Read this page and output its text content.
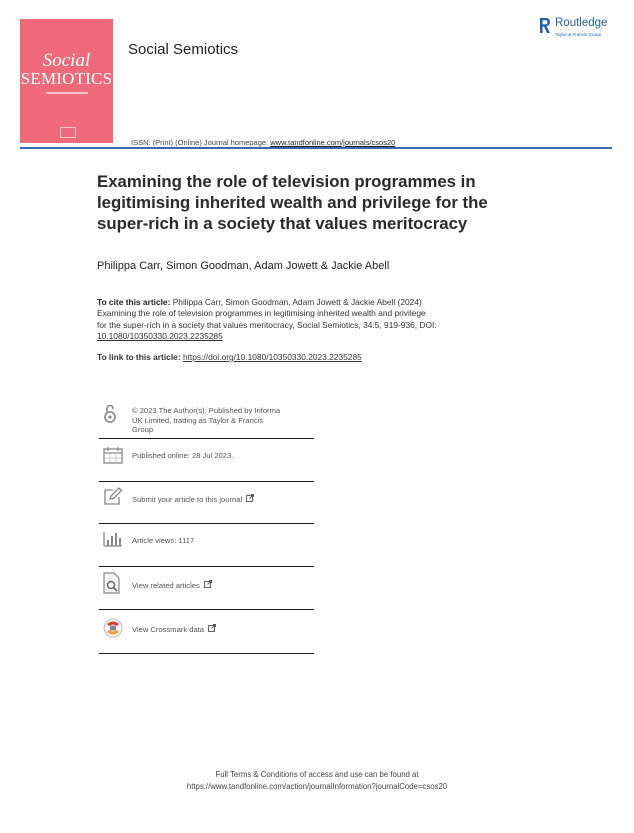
Social
SEMIOTICS
Social Semiotics
Routledge
Taylor & Francis Group
ISSN: (Print) (Online) Journal homepage: www.tandfonline.com/journals/csos20
Examining the role of television programmes in
legitimising inherited wealth and privilege for the
super-rich in a society that values meritocracy
Philippa Carr, Simon Goodman, Adam Jowett & Jackie Abell
To cite this article: Philippa Carr, Simon Goodman, Adam Jowett & Jackie Abell (2024)
Examining the role of television programmes in legitimising inherited wealth and privilege
for the super-rich in a society that values meritocracy, Social Semiotics, 34:5, 919-936, DOI:
10.1080/10350330.2023.2235285
To link to this article: https://doi.org/10.1080/10350330.2023.2235285
© 2023 The Author(s). Published by Informa
UK Limited, trading as Taylor & Francis
Group
Published online: 28 Jul 2023.
Submit your article to this journal
Article views: 1117
View related articles
View Crossmark data
Full Terms & Conditions of access and use can be found at
https://www.tandfonline.com/action/journalInformation?journalCode=csos20
